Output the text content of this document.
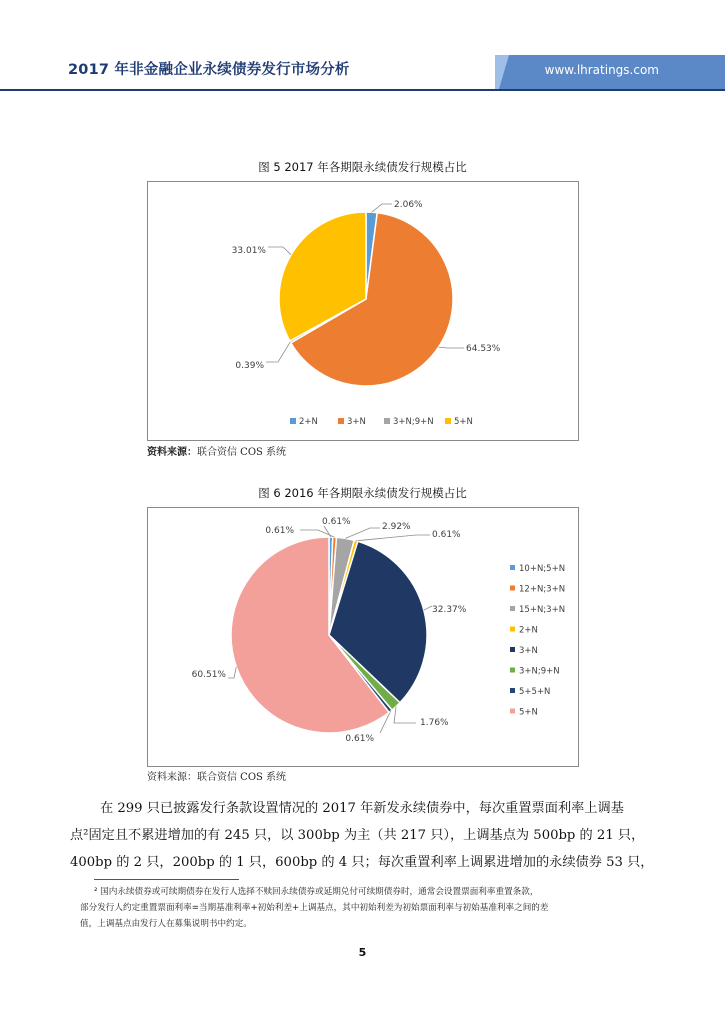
2017 年非金融企业永续债券发行市场分析	www.lhratings.com
图 5 2017 年各期限永续债发行规模占比
2.06%
64.53%
0.39%
33.01%
2+N	3+N	3+N;9+N 5+N
资料来源：联合资信 COS 系统
图 6 2016 年各期限永续债发行规模占比
0.61%
0.61%	2.92%
0.61%
32.37%
1.76%
0.61%
60.51%
10+N;5+N
12+N;3+N
15+N;3+N
2+N
3+N
3+N;9+N
5+5+N
5+N
资料来源：联合资信 COS 系统

在 299 只已披露发行条款设置情况的 2017 年新发永续债券中，每次重置票面利率上调基

点²固定且不累进增加的有 245 只，以 300bp 为主（共 217 只），上调基点为 500bp 的 21 只，

400bp 的 2 只，200bp 的 1 只，600bp 的 4 只；每次重置利率上调累进增加的永续债券 53 只，

² 国内永续债券或可续期债券在发行人选择不赎回永续债券或延期兑付可续期债券时，通常会设置票面利率重置条款，

部分发行人约定重置票面利率=当期基准利率+初始利差+上调基点，其中初始利差为初始票面利率与初始基准利率之间的差

值，上调基点由发行人在募集说明书中约定。

5
